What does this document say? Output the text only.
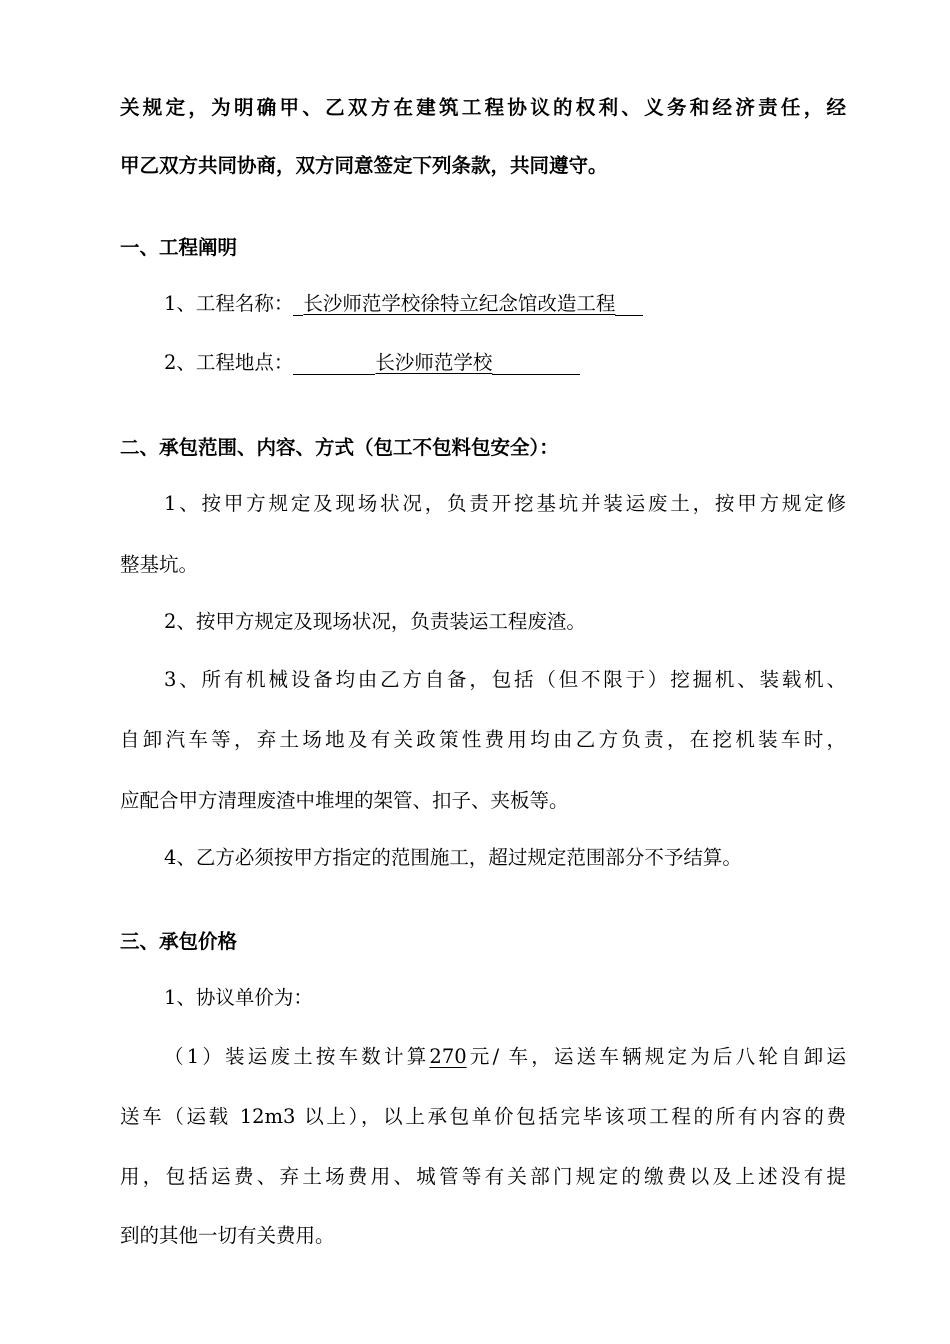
关规定，为明确甲、乙双方在建筑工程协议的权利、义务和经济责任，经
甲乙双方共同协商，双方同意签定下列条款，共同遵守。
一、工程阐明
1、工程名称： 长沙师范学校徐特立纪念馆改造工程
2、工程地点：	长沙师范学校
二、承包范围、内容、方式（包工不包料包安全）：
1、按甲方规定及现场状况，负责开挖基坑并装运废土，按甲方规定修
整基坑。
2、按甲方规定及现场状况，负责装运工程废渣。
3、所有机械设备均由乙方自备，包括（但不限于）挖掘机、装载机、
自卸汽车等，弃土场地及有关政策性费用均由乙方负责，在挖机装车时，
应配合甲方清理废渣中堆埋的架管、扣子、夹板等。
4、乙方必须按甲方指定的范围施工，超过规定范围部分不予结算。
三、承包价格
1、协议单价为：
（1）装运废土按车数计算270元/ 车，运送车辆规定为后八轮自卸运
送车（运载 12m3 以上），以上承包单价包括完毕该项工程的所有内容的费
用，包括运费、弃土场费用、城管等有关部门规定的缴费以及上述没有提
到的其他一切有关费用。
